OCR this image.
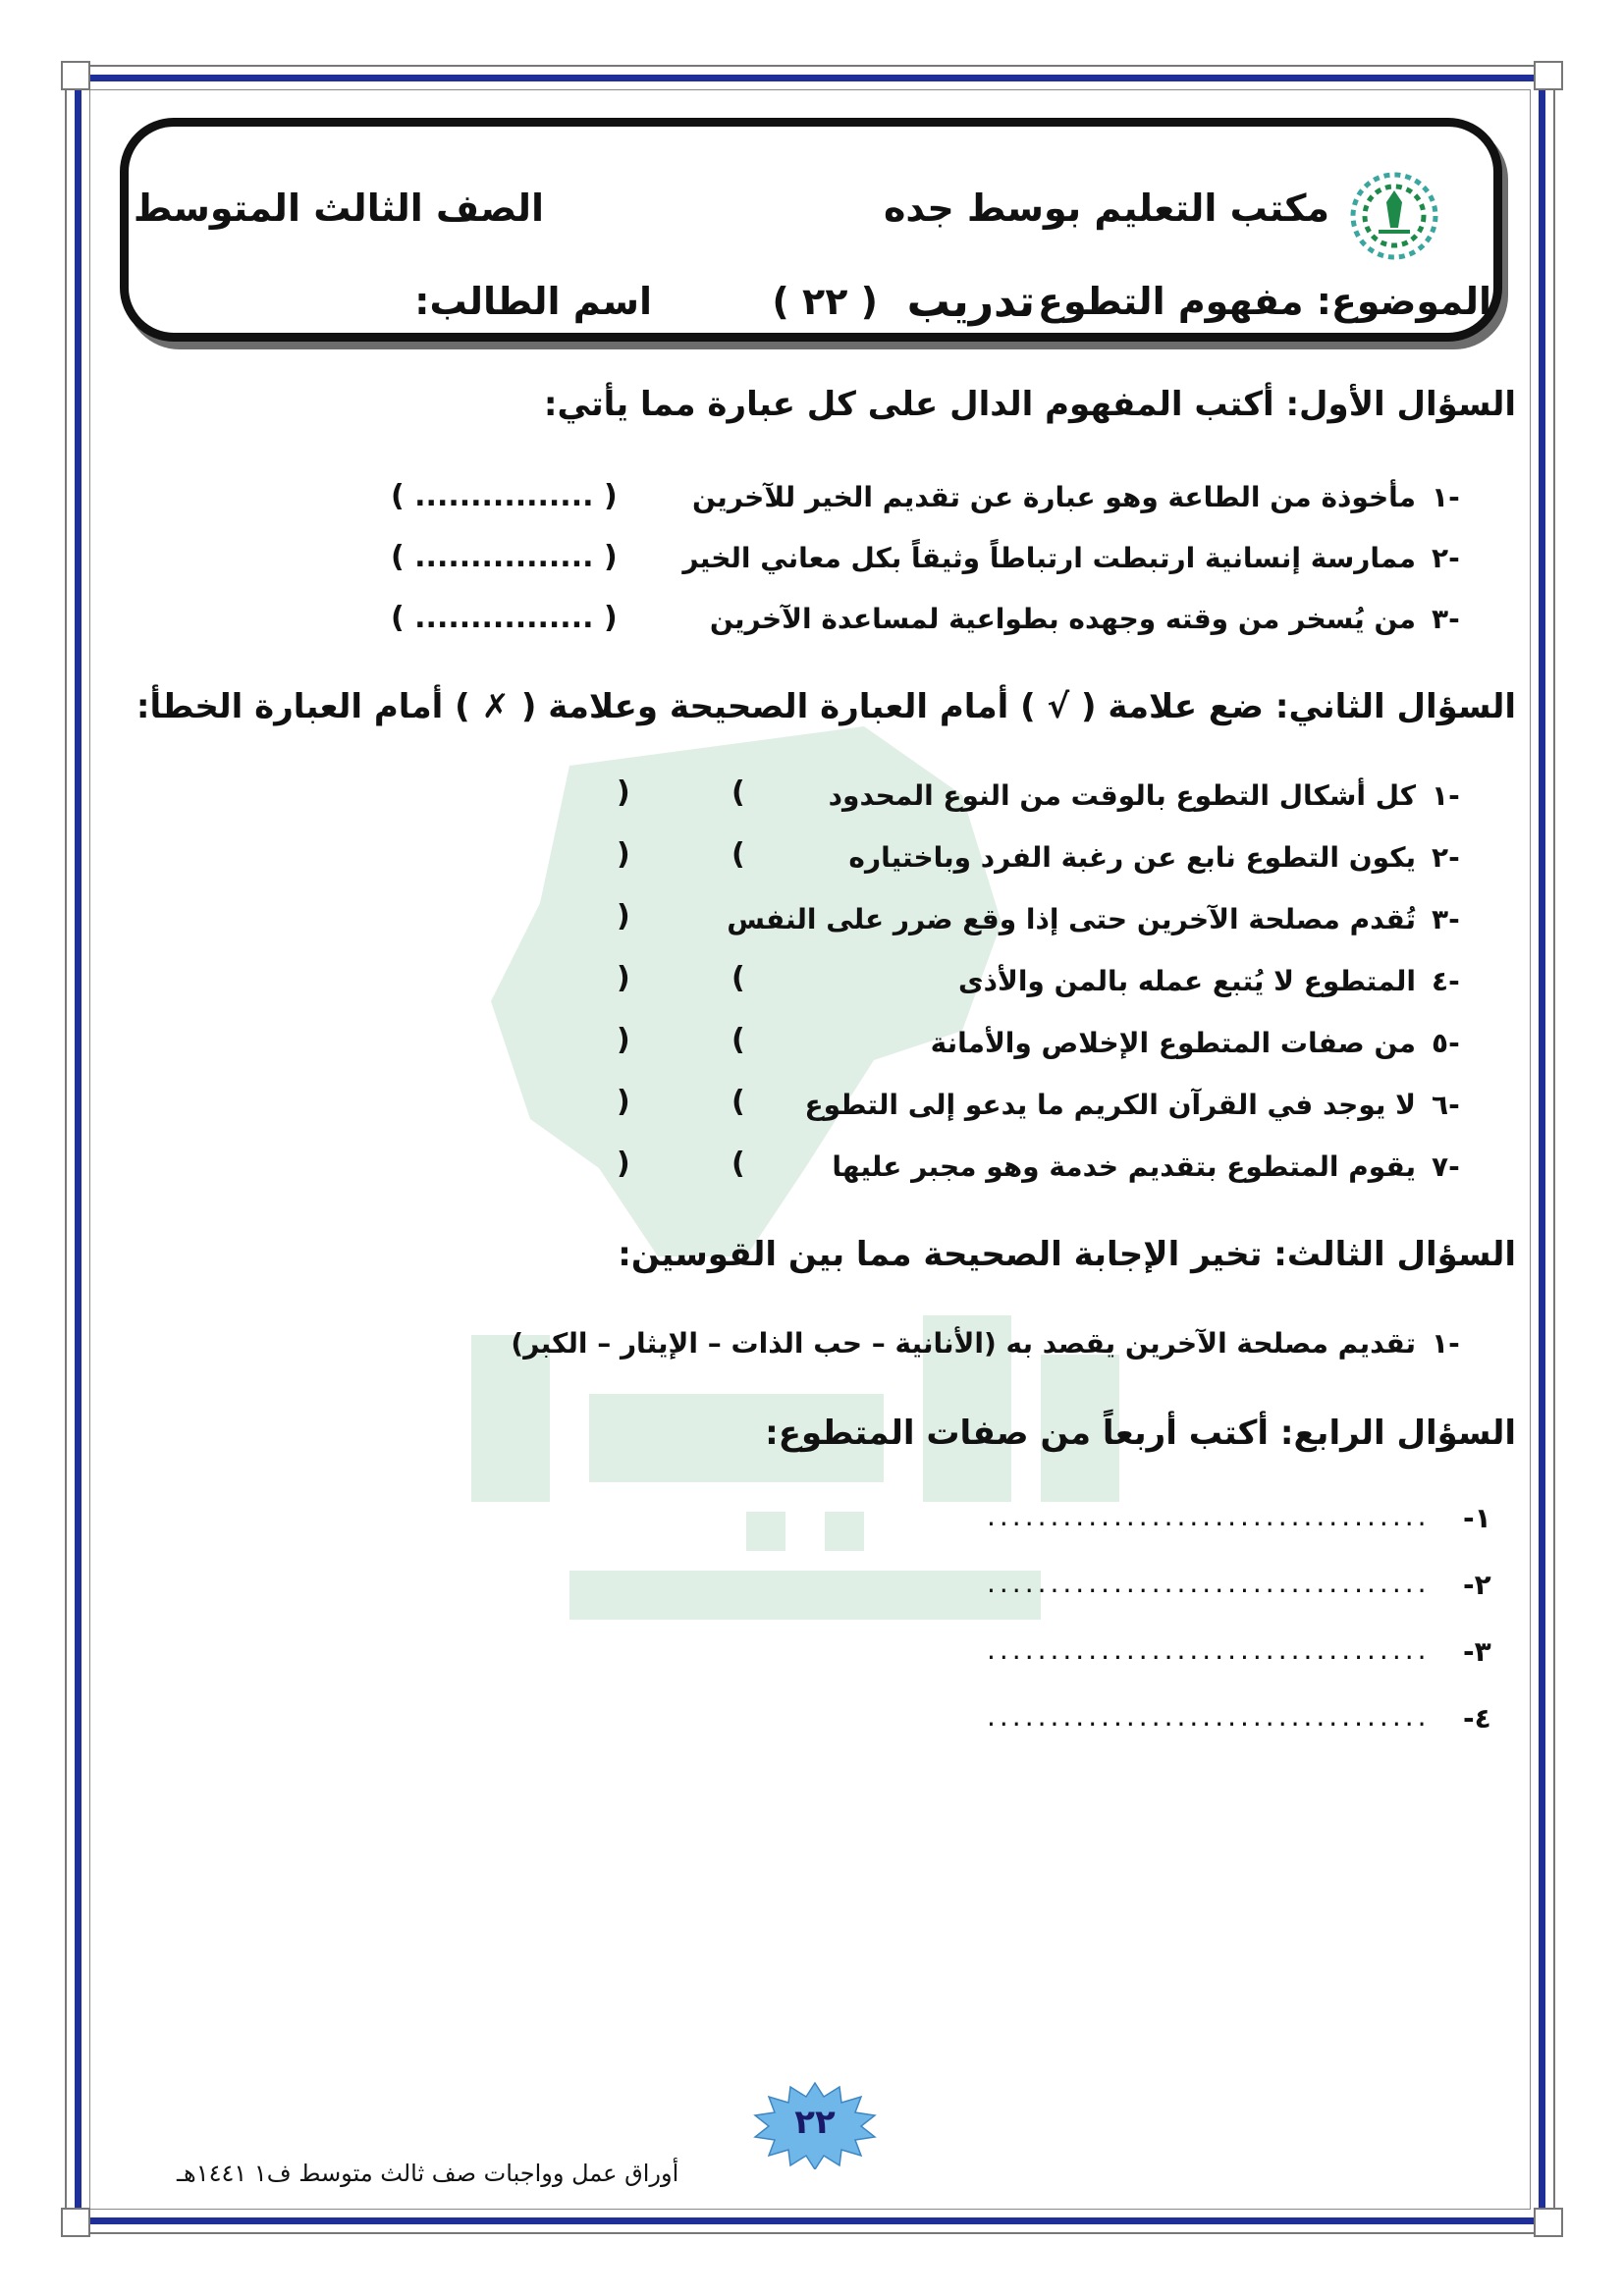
مكتب التعليم بوسط جده
الصف الثالث المتوسط
الموضوع: مفهوم التطوع
تدريب
( ٢٢ )
اسم الطالب:
السؤال الأول: أكتب المفهوم الدال على كل عبارة مما يأتي:
١-
مأخوذة من الطاعة وهو عبارة عن تقديم الخير للآخرين
( ................ )
٢-
ممارسة إنسانية ارتبطت ارتباطاً وثيقاً بكل معاني الخير
( ................ )
٣-
من يُسخر من وقته وجهده بطواعية لمساعدة الآخرين
( ................ )
السؤال الثاني: ضع علامة ( √ ) أمام العبارة الصحيحة وعلامة ( ✗ ) أمام العبارة الخطأ:
١-
كل أشكال التطوع بالوقت من النوع المحدود
(
)
٢-
يكون التطوع نابع عن رغبة الفرد وباختياره
(
)
٣-
تُقدم مصلحة الآخرين حتى إذا وقع ضرر على النفس
)
٤-
المتطوع لا يُتبع عمله بالمن والأذى
(
)
٥-
من صفات المتطوع الإخلاص والأمانة
(
)
٦-
لا يوجد في القرآن الكريم ما يدعو إلى التطوع
(
)
٧-
يقوم المتطوع بتقديم خدمة وهو مجبر عليها
(
)
السؤال الثالث: تخير الإجابة الصحيحة مما بين القوسين:
١-
تقديم مصلحة الآخرين يقصد به (الأنانية – حب الذات – الإيثار – الكبر)
السؤال الرابع: أكتب أربعاً من صفات المتطوع:
-١
...................................
-٢
...................................
-٣
...................................
-٤
...................................
٢٢
أوراق عمل وواجبات صف ثالث متوسط ف١ ١٤٤١هـ
